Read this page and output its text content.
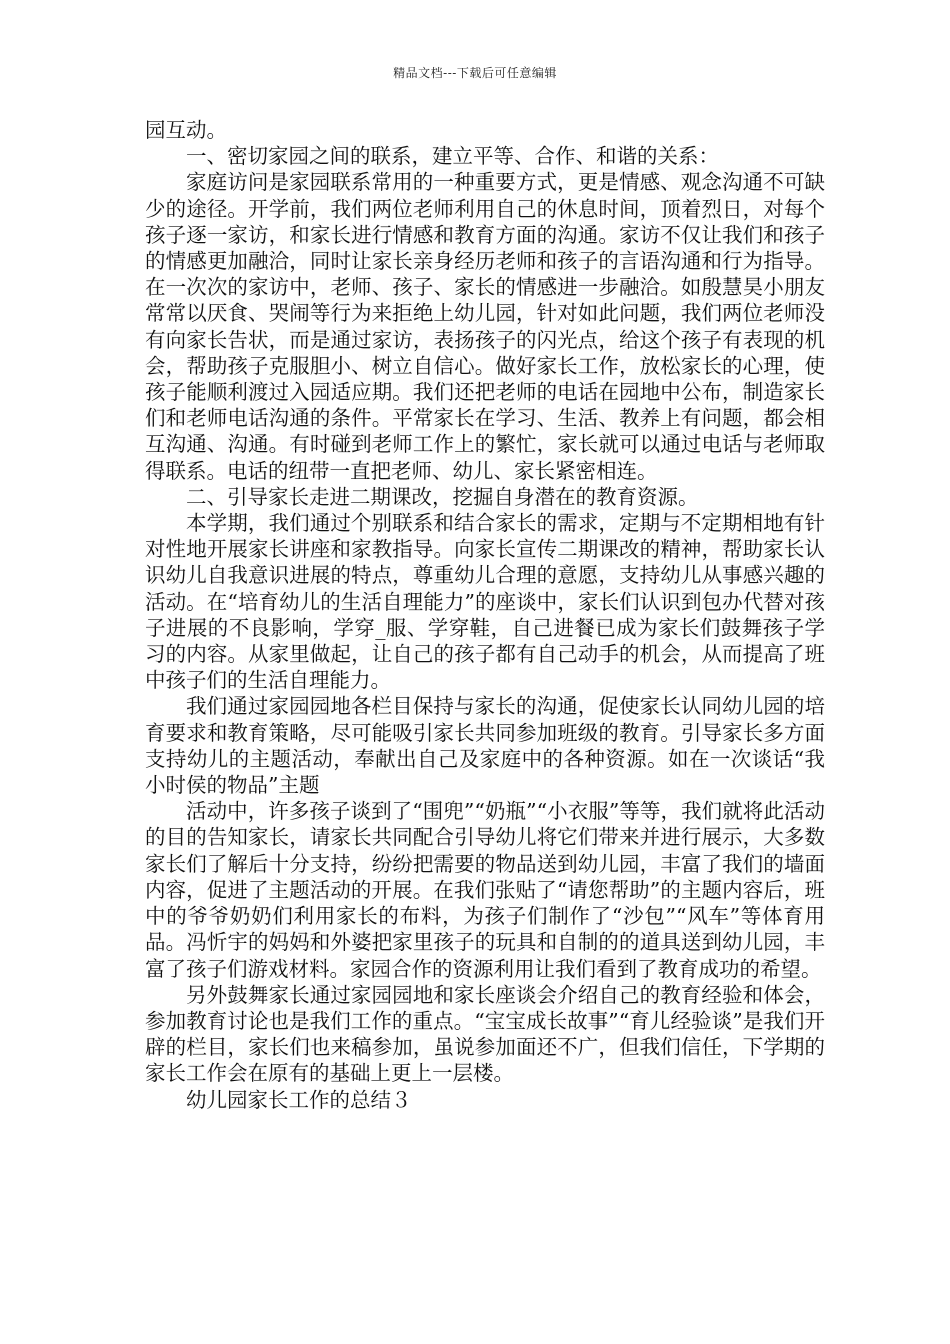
精品文档---下载后可任意编辑

园互动。

一、密切家园之间的联系，建立平等、合作、和谐的关系：

家庭访问是家园联系常用的一种重要方式，更是情感、观念沟通不可缺少的途径。开学前，我们两位老师利用自己的休息时间，顶着烈日，对每个孩子逐一家访，和家长进行情感和教育方面的沟通。家访不仅让我们和孩子的情感更加融洽，同时让家长亲身经历老师和孩子的言语沟通和行为指导。在一次次的家访中，老师、孩子、家长的情感进一步融洽。如殷慧昊小朋友常常以厌食、哭闹等行为来拒绝上幼儿园，针对如此问题，我们两位老师没有向家长告状，而是通过家访，表扬孩子的闪光点，给这个孩子有表现的机会，帮助孩子克服胆小、树立自信心。做好家长工作，放松家长的心理，使孩子能顺利渡过入园适应期。我们还把老师的电话在园地中公布，制造家长们和老师电话沟通的条件。平常家长在学习、生活、教养上有问题，都会相互沟通、沟通。有时碰到老师工作上的繁忙，家长就可以通过电话与老师取得联系。电话的纽带一直把老师、幼儿、家长紧密相连。

二、引导家长走进二期课改，挖掘自身潜在的教育资源。

本学期，我们通过个别联系和结合家长的需求，定期与不定期相地有针对性地开展家长讲座和家教指导。向家长宣传二期课改的精神，帮助家长认识幼儿自我意识进展的特点，尊重幼儿合理的意愿，支持幼儿从事感兴趣的活动。在“培育幼儿的生活自理能力”的座谈中，家长们认识到包办代替对孩子进展的不良影响，学穿_服、学穿鞋，自己进餐已成为家长们鼓舞孩子学习的内容。从家里做起，让自己的孩子都有自己动手的机会，从而提高了班中孩子们的生活自理能力。

我们通过家园园地各栏目保持与家长的沟通，促使家长认同幼儿园的培育要求和教育策略，尽可能吸引家长共同参加班级的教育。引导家长多方面支持幼儿的主题活动，奉献出自己及家庭中的各种资源。如在一次谈话“我小时侯的物品”主题

活动中，许多孩子谈到了“围兜”“奶瓶”“小衣服”等等，我们就将此活动的目的告知家长，请家长共同配合引导幼儿将它们带来并进行展示，大多数家长们了解后十分支持，纷纷把需要的物品送到幼儿园，丰富了我们的墙面内容，促进了主题活动的开展。在我们张贴了“请您帮助”的主题内容后，班中的爷爷奶奶们利用家长的布料，为孩子们制作了“沙包”“风车”等体育用品。冯忻宇的妈妈和外婆把家里孩子的玩具和自制的的道具送到幼儿园，丰富了孩子们游戏材料。家园合作的资源利用让我们看到了教育成功的希望。

另外鼓舞家长通过家园园地和家长座谈会介绍自己的教育经验和体会，参加教育讨论也是我们工作的重点。“宝宝成长故事”“育儿经验谈”是我们开辟的栏目，家长们也来稿参加，虽说参加面还不广，但我们信任，下学期的家长工作会在原有的基础上更上一层楼。

幼儿园家长工作的总结３
